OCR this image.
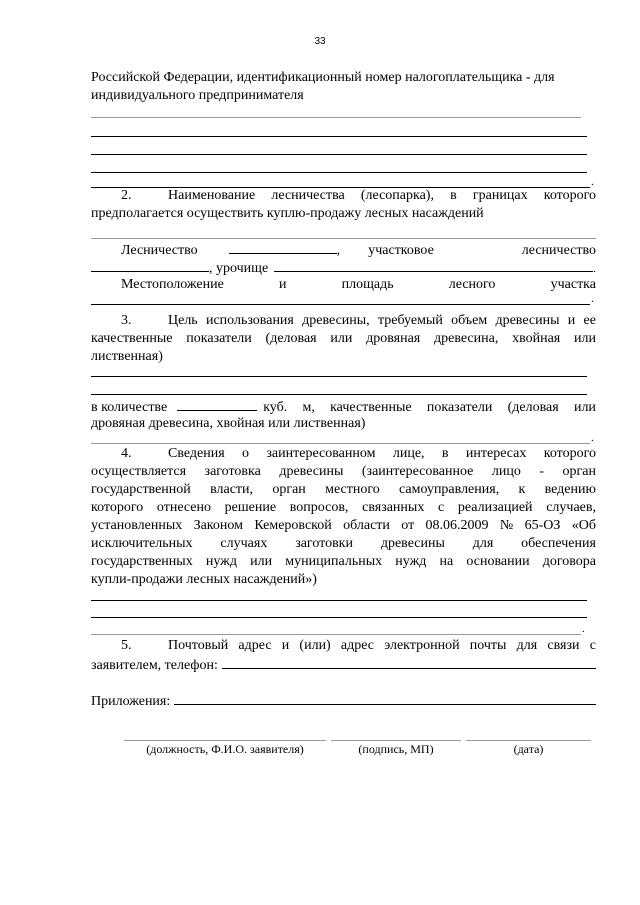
33
Российской Федерации, идентификационный номер налогоплательщика - для
индивидуального предпринимателя
.
2.	Наименование лесничества (лесопарка), в границах которого
предполагается осуществить куплю-продажу лесных насаждений
Лесничество	, участковое	лесничество
, урочище	.
Местоположение	и	площадь	лесного	участка
.
3.	Цель использования древесины, требуемый объем древесины и ее
качественные показатели (деловая или дровяная древесина, хвойная или
лиственная)
в количестве	куб. м, качественные показатели (деловая или
дровяная древесина, хвойная или лиственная)
.
4.	Сведения о заинтересованном лице, в интересах которого
осуществляется заготовка древесины (заинтересованное лицо - орган
государственной власти, орган местного самоуправления, к ведению
которого отнесено решение вопросов, связанных с реализацией случаев,
установленных Законом Кемеровской области от 08.06.2009 № 65-ОЗ «Об
исключительных случаях заготовки древесины для обеспечения
государственных нужд или муниципальных нужд на основании договора
купли-продажи лесных насаждений»)
.
5.	Почтовый адрес и (или) адрес электронной почты для связи с
заявителем, телефон:
Приложения:
(должность, Ф.И.О. заявителя)	(подпись, МП)	(дата)
